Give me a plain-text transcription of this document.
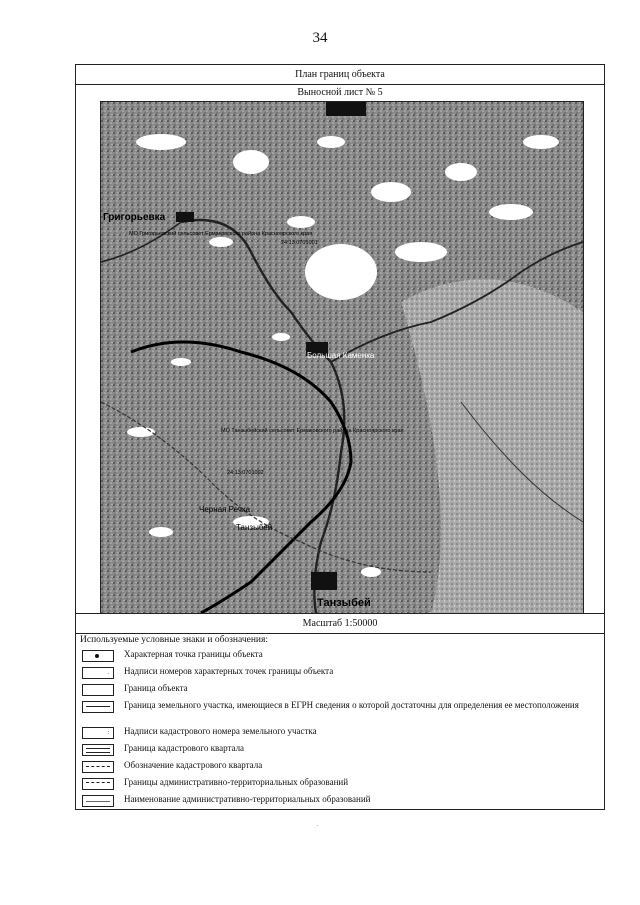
34
План границ объекта
Выносной лист № 5
Григорьевка
МО Григорьевский сельсовет Ермаковского района Красноярского края
24:13:0701001
Большая Каменка
МО Танзыбейский сельсовет Ермаковского района Красноярского края
24:13:0701002
Черная Речка
Танзыбей
Танзыбей
Масштаб 1:50000
Используемые условные знаки и обозначения:
Характерная точка границы объекта
. Надписи номеров характерных точек границы объекта
Граница объекта
Граница земельного участка, имеющиеся в ЕГРН сведения о которой достаточны для определения ее местоположения
: Надписи кадастрового номера земельного участка
Граница кадастрового квартала
Обозначение кадастрового квартала
Границы административно-территориальных образований
Наименование административно-территориальных образований
·
